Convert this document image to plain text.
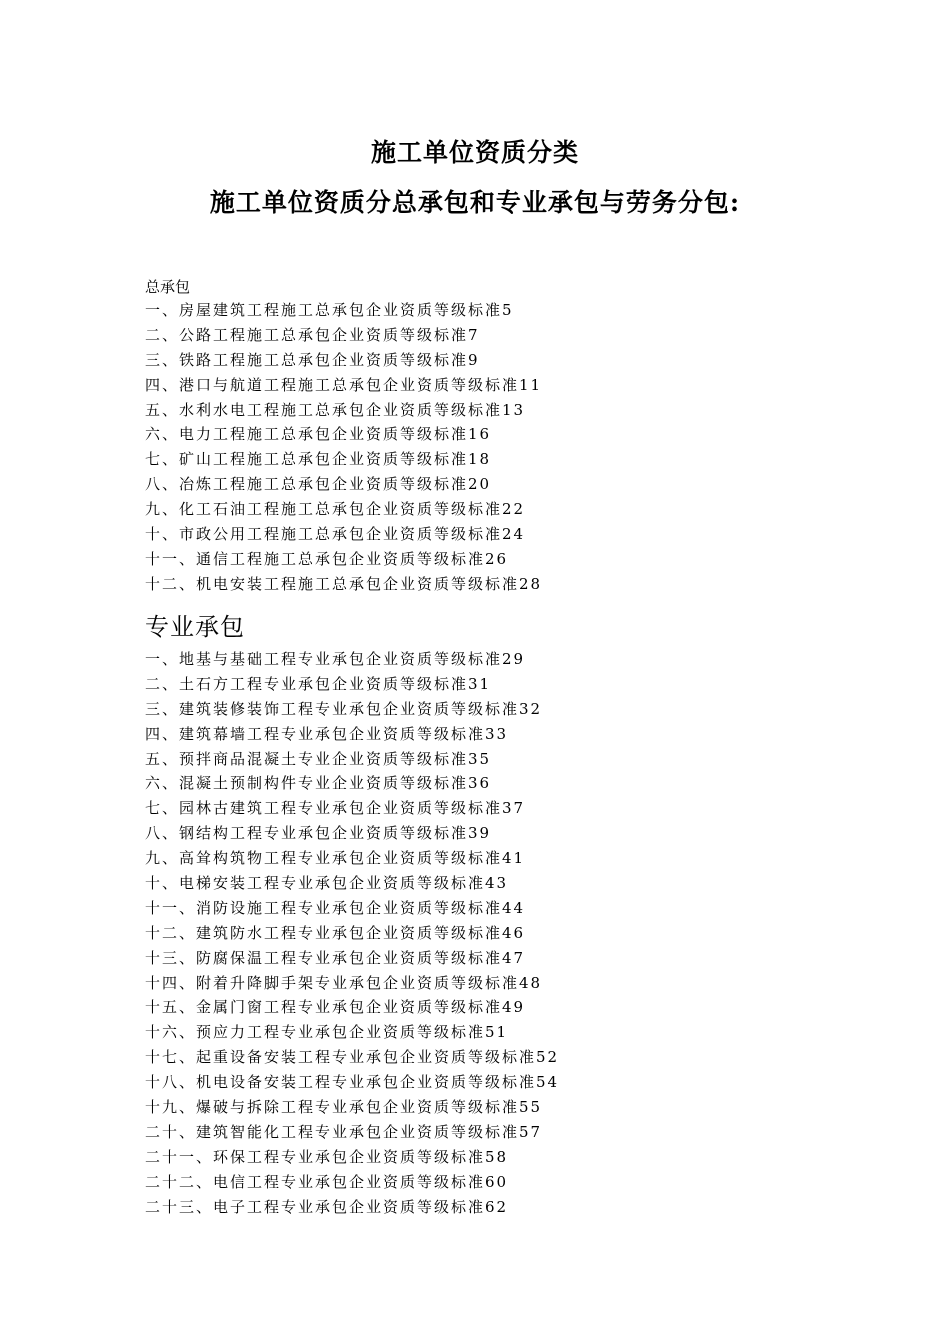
施工单位资质分类
施工单位资质分总承包和专业承包与劳务分包:

总承包

一、房屋建筑工程施工总承包企业资质等级标准5
二、公路工程施工总承包企业资质等级标准7
三、铁路工程施工总承包企业资质等级标准9
四、港口与航道工程施工总承包企业资质等级标准11
五、水利水电工程施工总承包企业资质等级标准13
六、电力工程施工总承包企业资质等级标准16
七、矿山工程施工总承包企业资质等级标准18
八、冶炼工程施工总承包企业资质等级标准20
九、化工石油工程施工总承包企业资质等级标准22
十、市政公用工程施工总承包企业资质等级标准24
十一、通信工程施工总承包企业资质等级标准26
十二、机电安装工程施工总承包企业资质等级标准28

专业承包

一、地基与基础工程专业承包企业资质等级标准29
二、土石方工程专业承包企业资质等级标准31
三、建筑装修装饰工程专业承包企业资质等级标准32
四、建筑幕墙工程专业承包企业资质等级标准33
五、预拌商品混凝土专业企业资质等级标准35
六、混凝土预制构件专业企业资质等级标准36
七、园林古建筑工程专业承包企业资质等级标准37
八、钢结构工程专业承包企业资质等级标准39
九、高耸构筑物工程专业承包企业资质等级标准41
十、电梯安装工程专业承包企业资质等级标准43
十一、消防设施工程专业承包企业资质等级标准44
十二、建筑防水工程专业承包企业资质等级标准46
十三、防腐保温工程专业承包企业资质等级标准47
十四、附着升降脚手架专业承包企业资质等级标准48
十五、金属门窗工程专业承包企业资质等级标准49
十六、预应力工程专业承包企业资质等级标准51
十七、起重设备安装工程专业承包企业资质等级标准52
十八、机电设备安装工程专业承包企业资质等级标准54
十九、爆破与拆除工程专业承包企业资质等级标准55
二十、建筑智能化工程专业承包企业资质等级标准57
二十一、环保工程专业承包企业资质等级标准58
二十二、电信工程专业承包企业资质等级标准60
二十三、电子工程专业承包企业资质等级标准62
